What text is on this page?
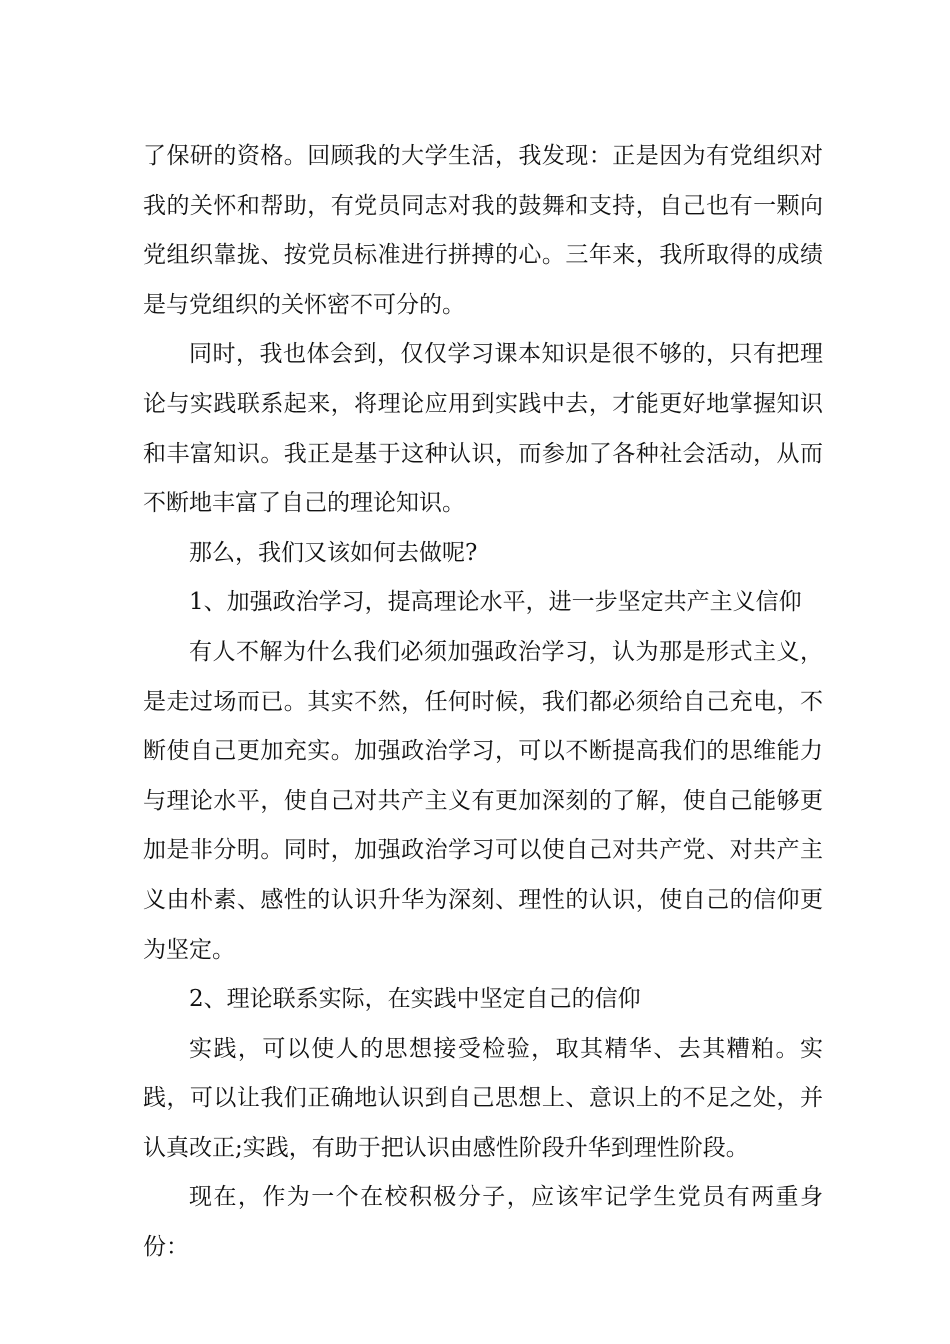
了保研的资格。回顾我的大学生活，我发现：正是因为有党组织对我的关怀和帮助，有党员同志对我的鼓舞和支持，自己也有一颗向党组织靠拢、按党员标准进行拼搏的心。三年来，我所取得的成绩是与党组织的关怀密不可分的。

同时，我也体会到，仅仅学习课本知识是很不够的，只有把理论与实践联系起来，将理论应用到实践中去，才能更好地掌握知识和丰富知识。我正是基于这种认识，而参加了各种社会活动，从而不断地丰富了自己的理论知识。

那么，我们又该如何去做呢?

1、加强政治学习，提高理论水平，进一步坚定共产主义信仰

有人不解为什么我们必须加强政治学习，认为那是形式主义，是走过场而已。其实不然，任何时候，我们都必须给自己充电，不断使自己更加充实。加强政治学习，可以不断提高我们的思维能力与理论水平，使自己对共产主义有更加深刻的了解，使自己能够更加是非分明。同时，加强政治学习可以使自己对共产党、对共产主义由朴素、感性的认识升华为深刻、理性的认识，使自己的信仰更为坚定。

2、理论联系实际，在实践中坚定自己的信仰

实践，可以使人的思想接受检验，取其精华、去其糟粕。实践，可以让我们正确地认识到自己思想上、意识上的不足之处，并认真改正;实践，有助于把认识由感性阶段升华到理性阶段。

现在，作为一个在校积极分子，应该牢记学生党员有两重身份：
